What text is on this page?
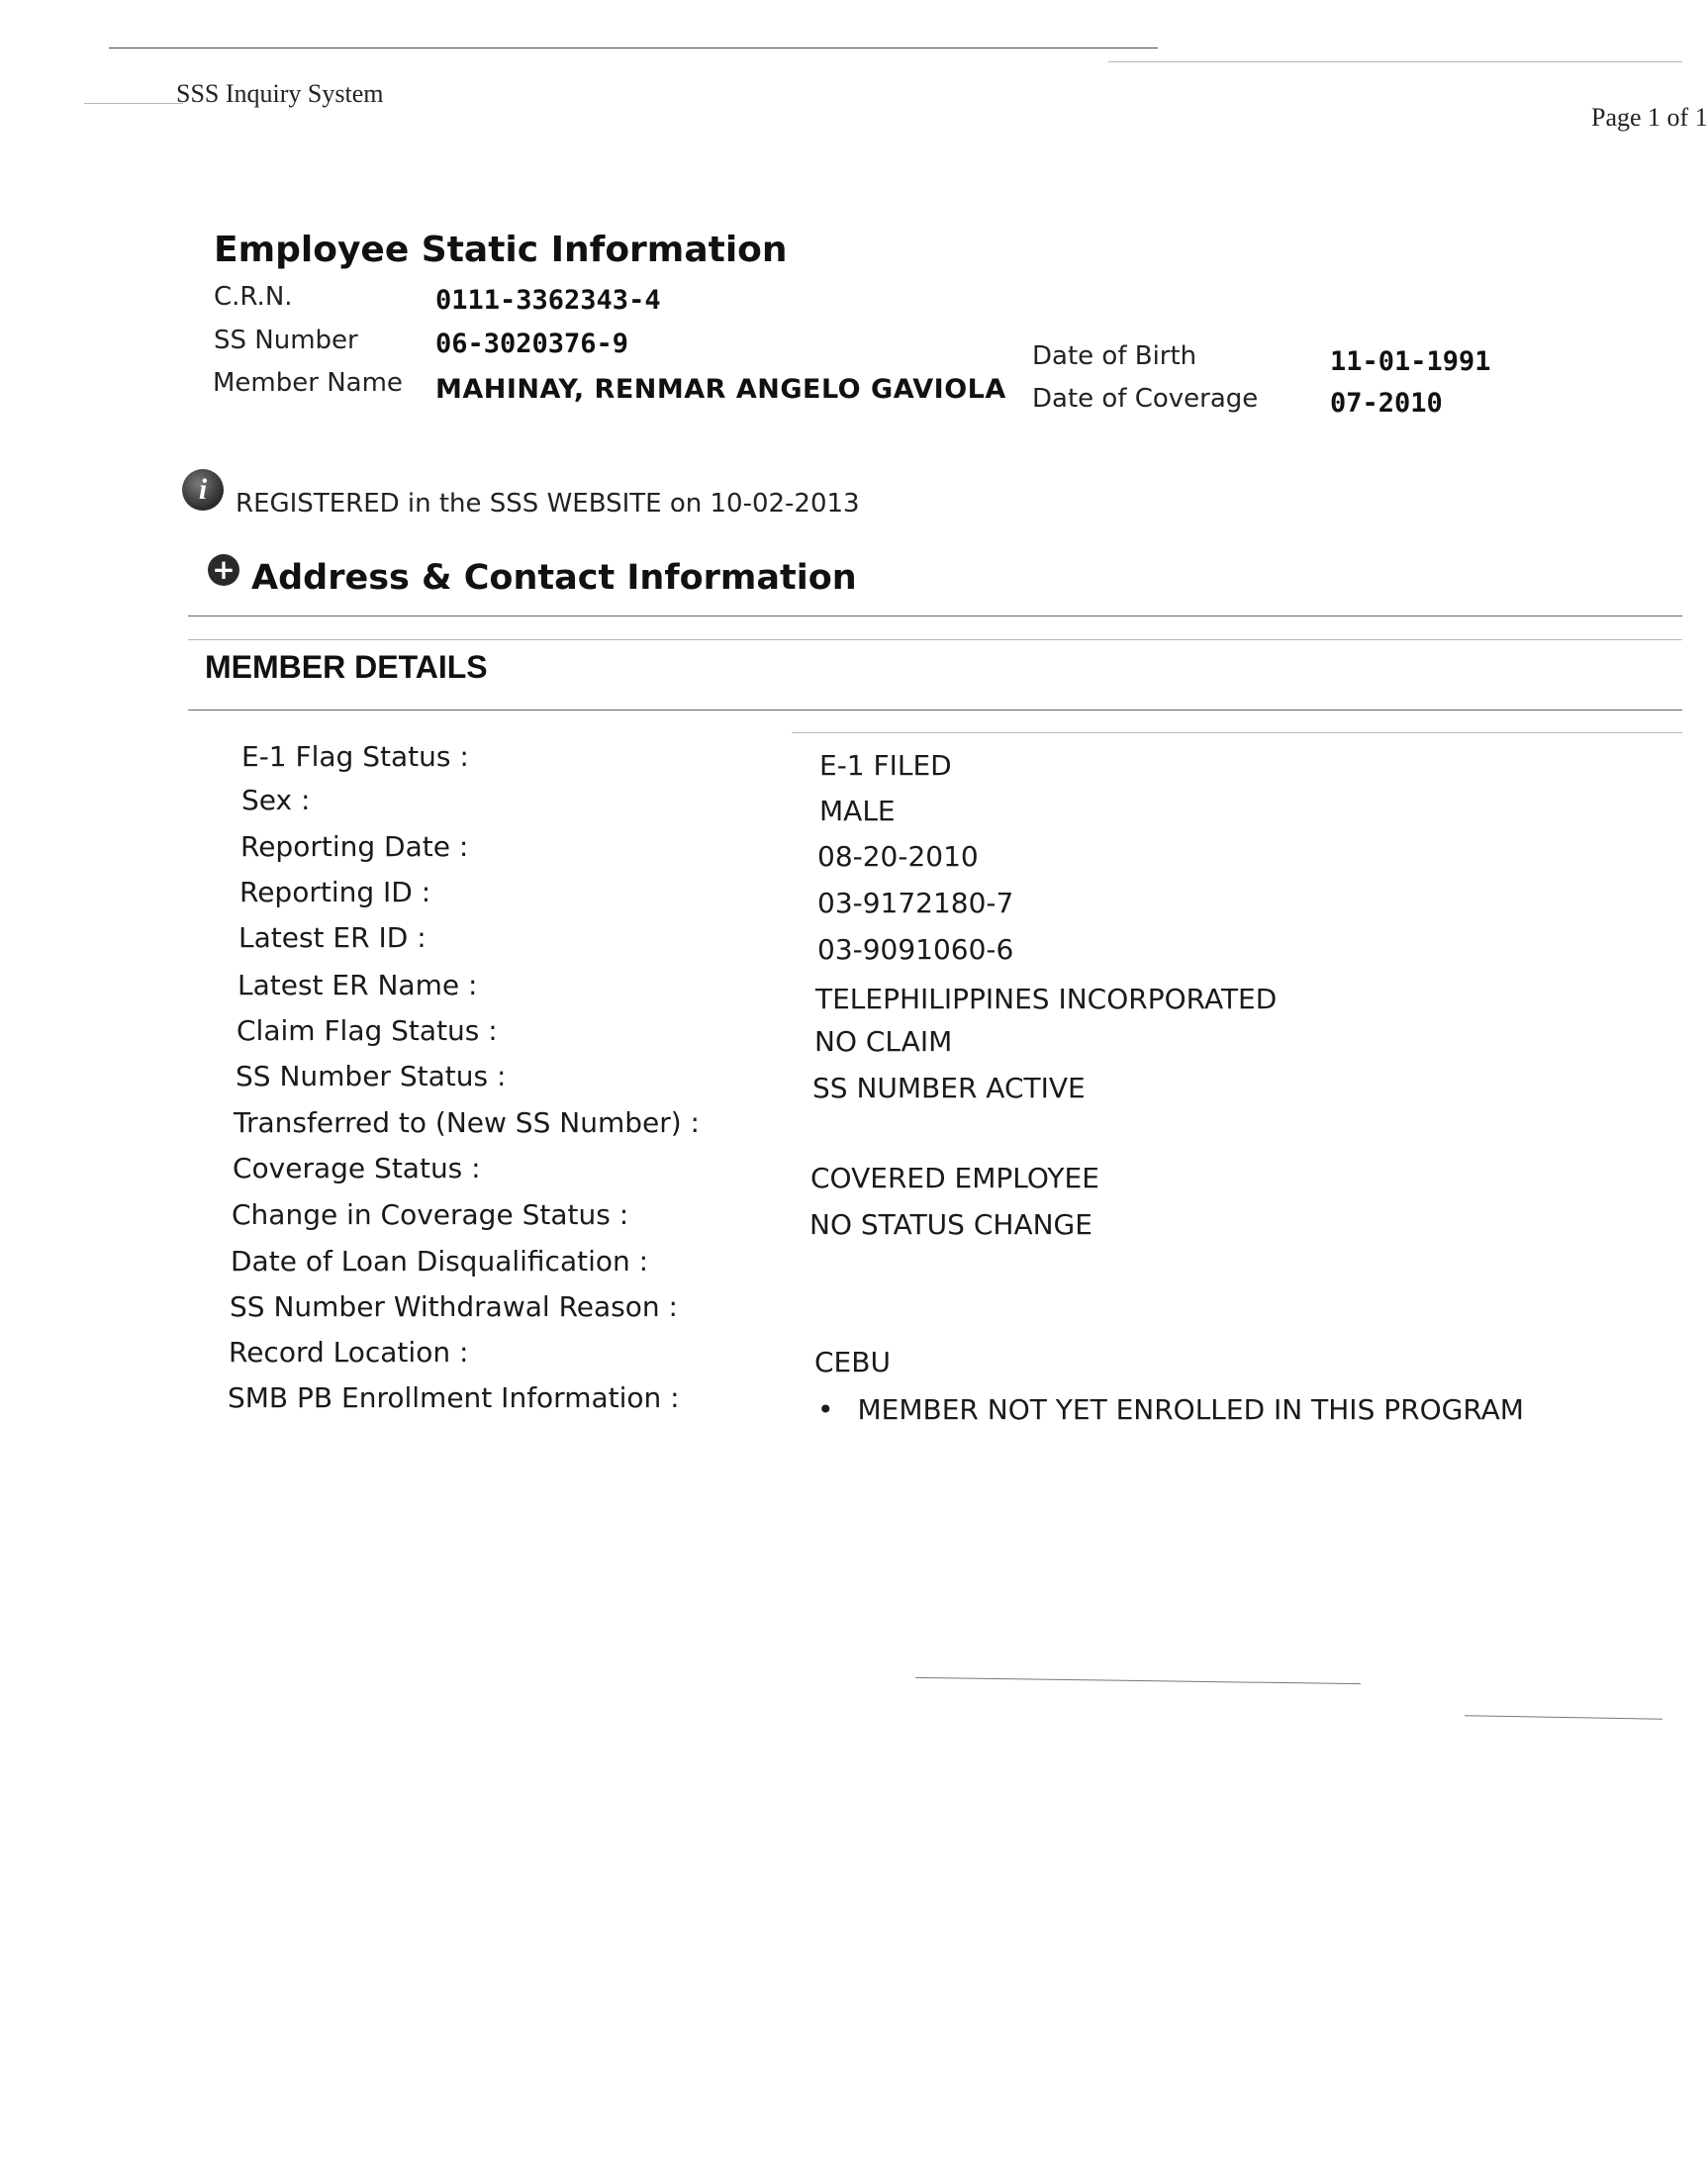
SSS Inquiry System
Page 1 of 1
Employee Static Information
C.R.N.	0111-3362343-4
SS Number	06-3020376-9
Member Name MAHINAY, RENMAR ANGELO GAVIOLA
Date of Birth	11-01-1991
Date of Coverage	07-2010
i	REGISTERED in the SSS WEBSITE on 10-02-2013
+ Address & Contact Information
MEMBER DETAILS
E-1 Flag Status :	E-1 FILED
Sex :	MALE
Reporting Date :	08-20-2010
Reporting ID :	03-9172180-7
Latest ER ID :	03-9091060-6
Latest ER Name :	TELEPHILIPPINES INCORPORATED
Claim Flag Status :	NO CLAIM
SS Number Status :	SS NUMBER ACTIVE
Transferred to (New SS Number) :
Coverage Status :	COVERED EMPLOYEE
Change in Coverage Status :	NO STATUS CHANGE
Date of Loan Disqualification :
SS Number Withdrawal Reason :
Record Location :	CEBU
SMB PB Enrollment Information :	• MEMBER NOT YET ENROLLED IN THIS PROGRAM
